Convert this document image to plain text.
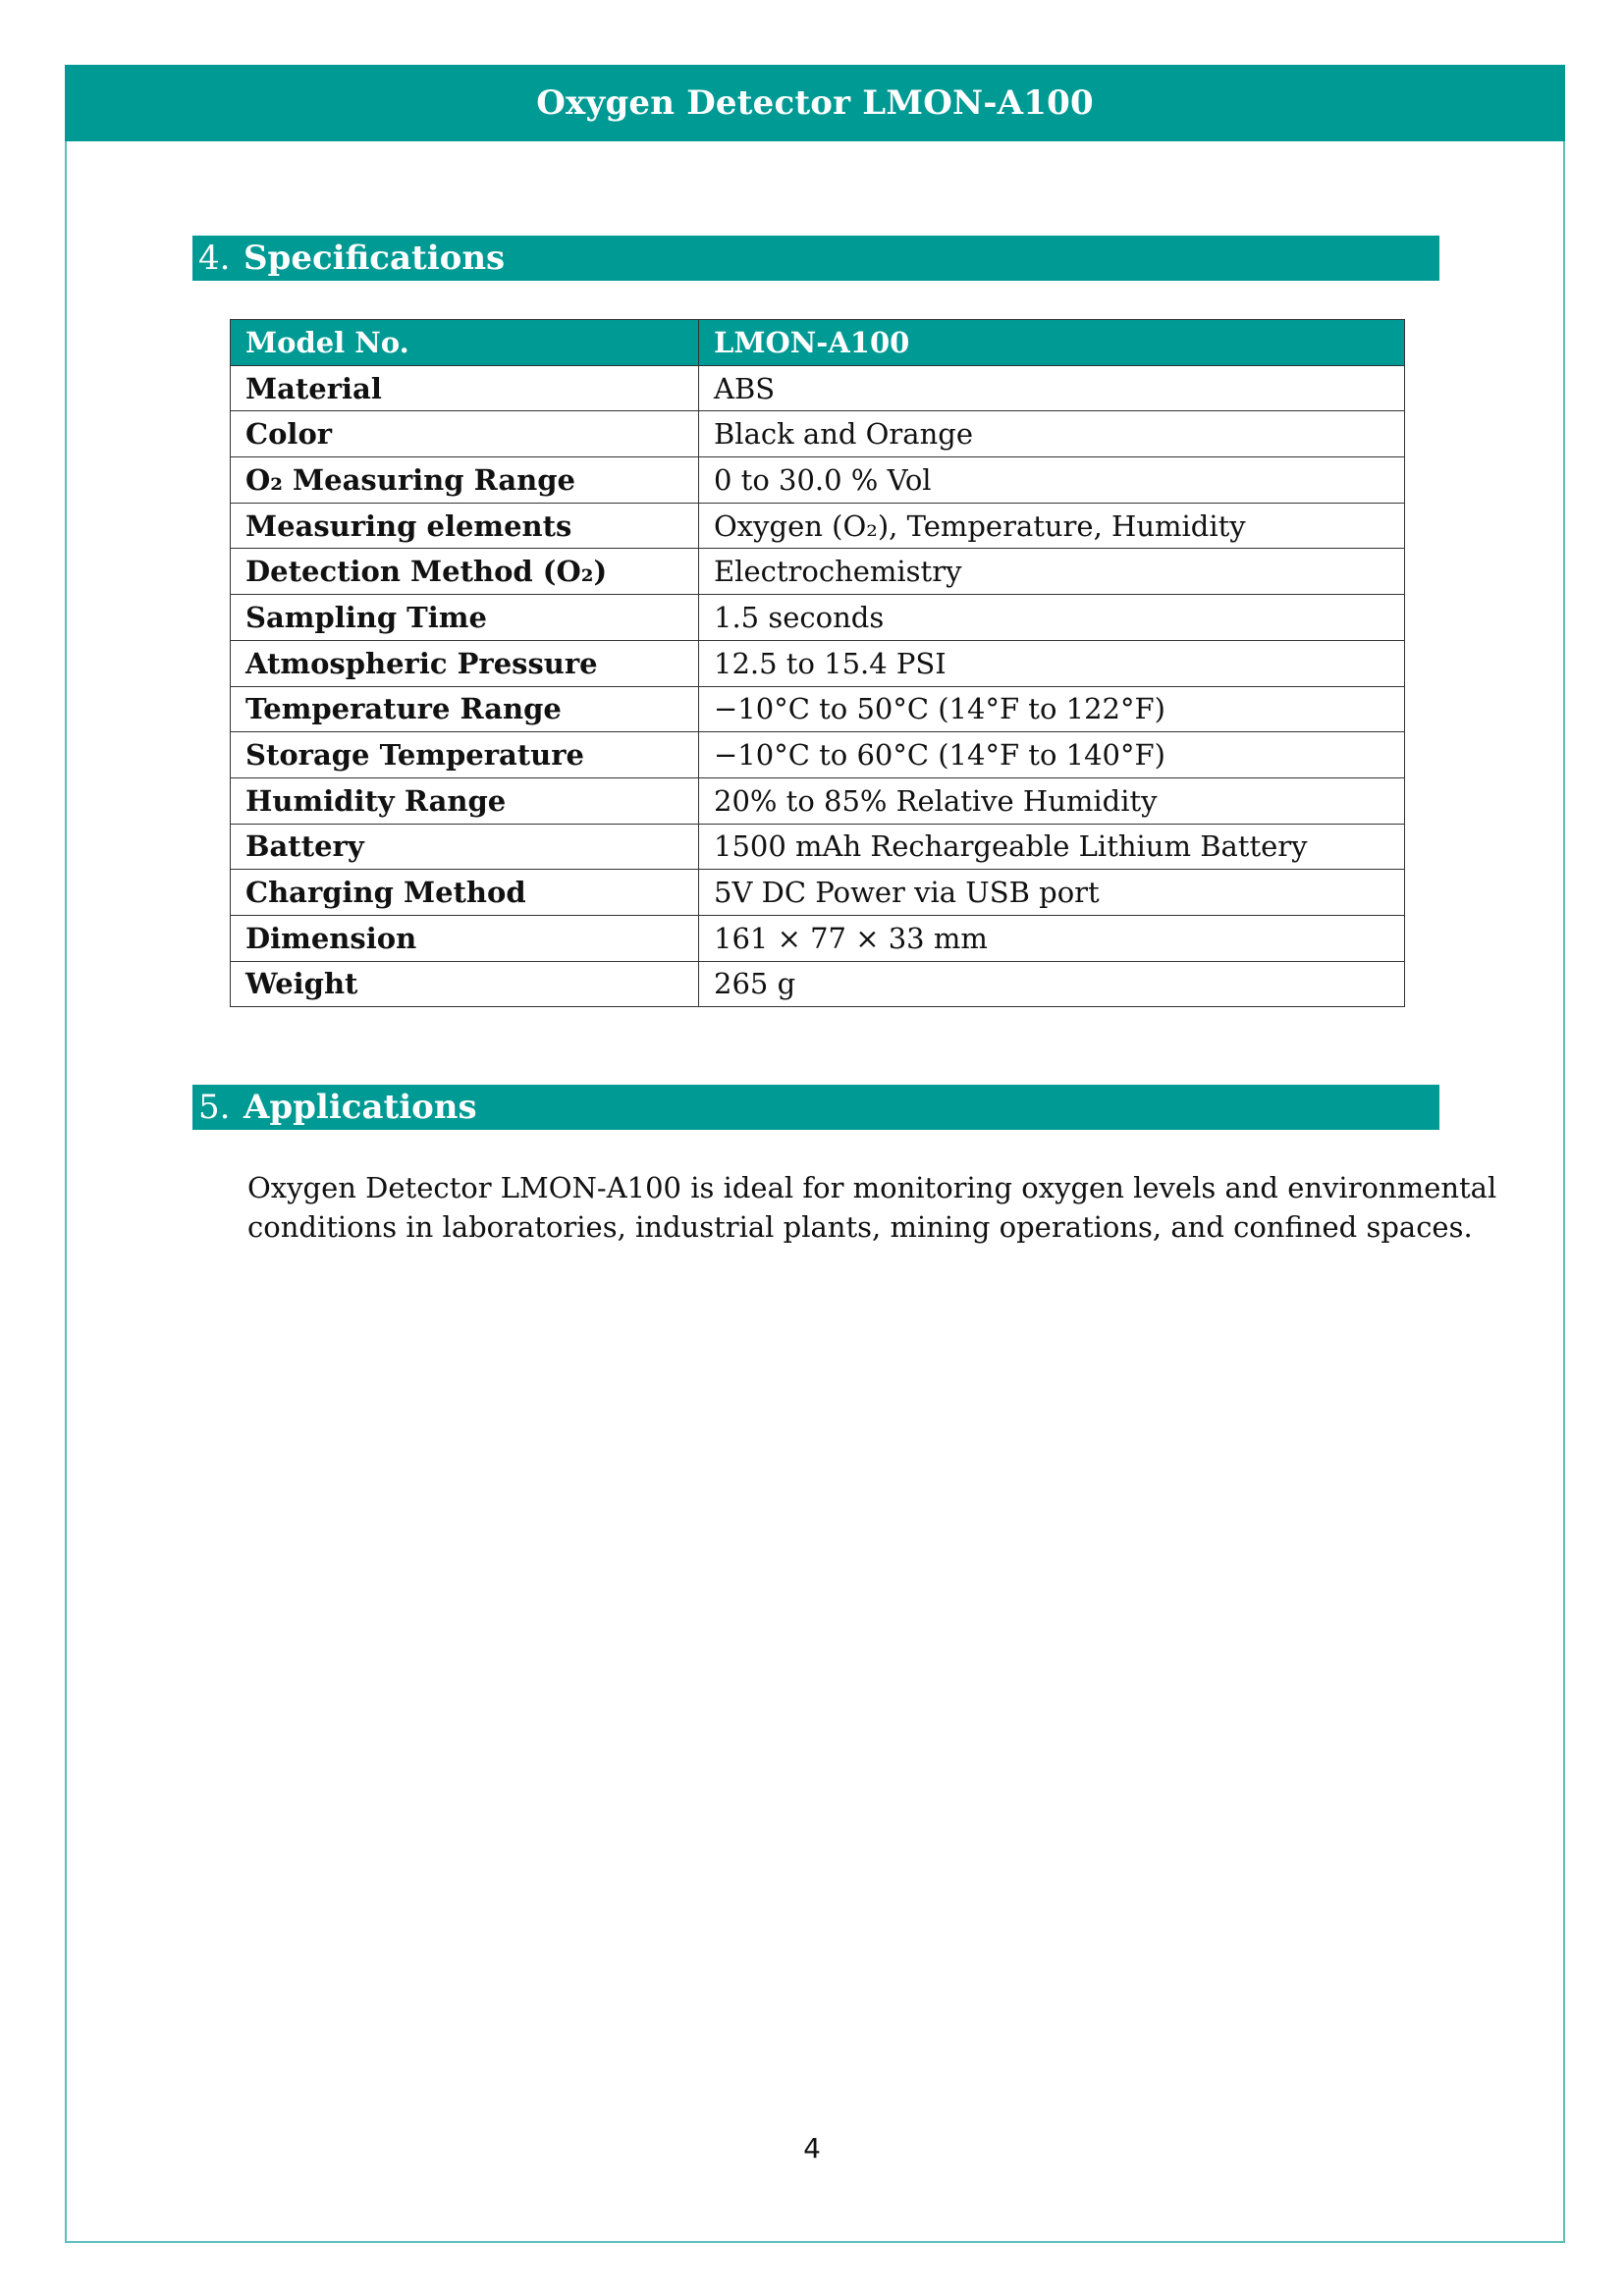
Oxygen Detector LMON-A100
4. Specifications
Model No.	LMON-A100
Material	ABS
Color	Black and Orange
O₂ Measuring Range	0 to 30.0 % Vol
Measuring elements	Oxygen (O₂), Temperature, Humidity
Detection Method (O₂)	Electrochemistry
Sampling Time	1.5 seconds
Atmospheric Pressure	12.5 to 15.4 PSI
Temperature Range	−10°C to 50°C (14°F to 122°F)
Storage Temperature	−10°C to 60°C (14°F to 140°F)
Humidity Range	20% to 85% Relative Humidity
Battery	1500 mAh Rechargeable Lithium Battery
Charging Method	5V DC Power via USB port
Dimension	161 × 77 × 33 mm
Weight	265 g
5. Applications

Oxygen Detector LMON-A100 is ideal for monitoring oxygen levels and environmental

conditions in laboratories, industrial plants, mining operations, and confined spaces.

4
